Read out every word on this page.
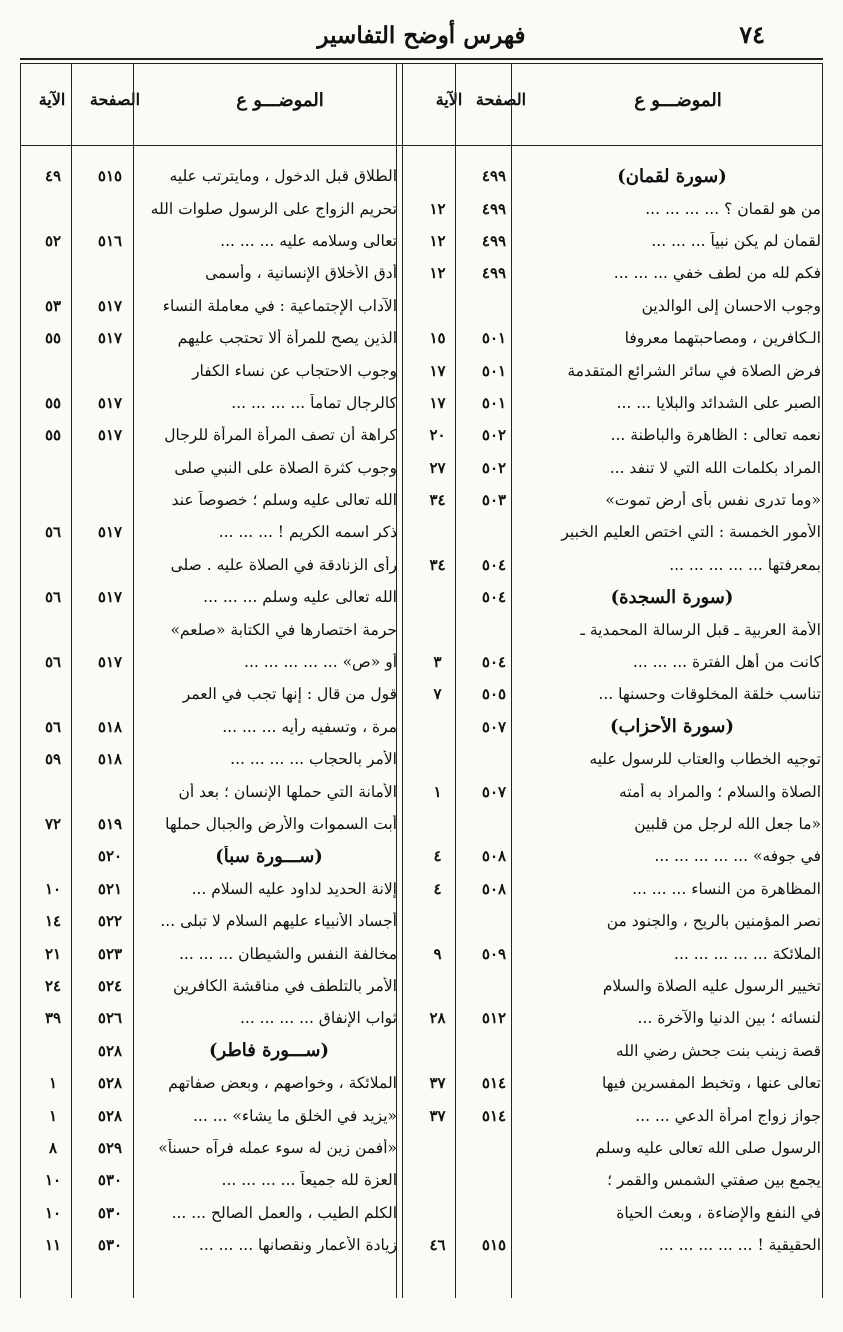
٧٤
فهرس أوضح التفاسير
الموضـــو ع
الصفحة
الآية
الموضـــو ع
الصفحة
الآية
(سورة لقمان)
٤٩٩
من هو لقمان ؟ ... ... ... ...
٤٩٩
١٢
لقمان لم يكن نبياً ... ... ...
٤٩٩
١٢
فكم لله من لطف خفي ... ... ...
٤٩٩
١٢
وجوب الاحسان إلى الوالدين
الـكافرين ، ومصاحبتهما معروفا
٥٠١
١٥
فرض الصلاة في سائر الشرائع المتقدمة
٥٠١
١٧
الصبر على الشدائد والبلايا ... ...
٥٠١
١٧
نعمه تعالى : الظاهرة والباطنة ...
٥٠٢
٢٠
المراد بكلمات الله التي لا تنفد ...
٥٠٢
٢٧
«وما تدرى نفس بأى أرض تموت»
٥٠٣
٣٤
الأمور الخمسة : التي اختص العليم الخبير
بمعرفتها ... ... ... ... ...
٥٠٤
٣٤
(سورة السجدة)
٥٠٤
الأمة العربية ـ قبل الرسالة المحمدية ـ
كانت من أهل الفترة ... ... ...
٥٠٤
٣
تناسب خلقة المخلوقات وحسنها ...
٥٠٥
٧
(سورة الأحزاب)
٥٠٧
توجيه الخطاب والعتاب للرسول عليه
الصلاة والسلام ؛ والمراد به أمته
٥٠٧
١
«ما جعل الله لرجل من قلبين
في جوفه» ... ... ... ... ...
٥٠٨
٤
المظاهرة من النساء ... ... ...
٥٠٨
٤
نصر المؤمنين بالريح ، والجنود من
الملائكة ... ... ... ... ...
٥٠٩
٩
تخيير الرسول عليه الصلاة والسلام
لنسائه ؛ بين الدنيا والآخرة ...
٥١٢
٢٨
قصة زينب بنت جحش رضي الله
تعالى عنها ، وتخبط المفسرين فيها
٥١٤
٣٧
جواز زواج امرأة الدعي ... ...
٥١٤
٣٧
الرسول صلى الله تعالى عليه وسلم
يجمع بين صفتي الشمس والقمر ؛
في النفع والإضاءة ، وبعث الحياة
الحقيقية ! ... ... ... ... ...
٥١٥
٤٦
الطلاق قبل الدخول ، ومايترتب عليه
٥١٥
٤٩
تحريم الزواج على الرسول صلوات الله
تعالى وسلامه عليه ... ... ...
٥١٦
٥٢
أدق الأخلاق الإنسانية ، وأسمى
الآداب الإجتماعية : في معاملة النساء
٥١٧
٥٣
الذين يصح للمرأة ألا تحتجب عليهم
٥١٧
٥٥
وجوب الاحتجاب عن نساء الكفار
كالرجال تماماً ... ... ... ...
٥١٧
٥٥
كراهة أن تصف المرأة المرأة للرجال
٥١٧
٥٥
وجوب كثرة الصلاة على النبي صلى
الله تعالى عليه وسلم ؛ خصوصاً عند
ذكر اسمه الكريم ! ... ... ...
٥١٧
٥٦
رأى الزنادقة في الصلاة عليه . صلى
الله تعالى عليه وسلم ... ... ...
٥١٧
٥٦
حرمة اختصارها في الكتابة «صلعم»
أو «ص» ... ... ... ... ...
٥١٧
٥٦
قول من قال : إنها تجب في العمر
مرة ، وتسفيه رأيه ... ... ...
٥١٨
٥٦
الأمر بالحجاب ... ... ... ...
٥١٨
٥٩
الأمانة التي حملها الإنسان ؛ بعد أن
أبت السموات والأرض والجبال حملها
٥١٩
٧٢
(ســـورة سبأ)
٥٢٠
إلانة الحديد لداود عليه السلام ...
٥٢١
١٠
أجساد الأنبياء عليهم السلام لا تبلى ...
٥٢٢
١٤
مخالفة النفس والشيطان ... ... ...
٥٢٣
٢١
الأمر بالتلطف في مناقشة الكافرين
٥٢٤
٢٤
ثواب الإنفاق ... ... ... ...
٥٢٦
٣٩
(ســـورة فاطر)
٥٢٨
الملائكة ، وخواصهم ، وبعض صفاتهم
٥٢٨
١
«يزيد في الخلق ما يشاء» ... ...
٥٢٨
١
«أفمن زين له سوء عمله فرآه حسناً»
٥٢٩
٨
العزة لله جميعاً ... ... ... ...
٥٣٠
١٠
الكلم الطيب ، والعمل الصالح ... ...
٥٣٠
١٠
زيادة الأعمار ونقصانها ... ... ...
٥٣٠
١١
